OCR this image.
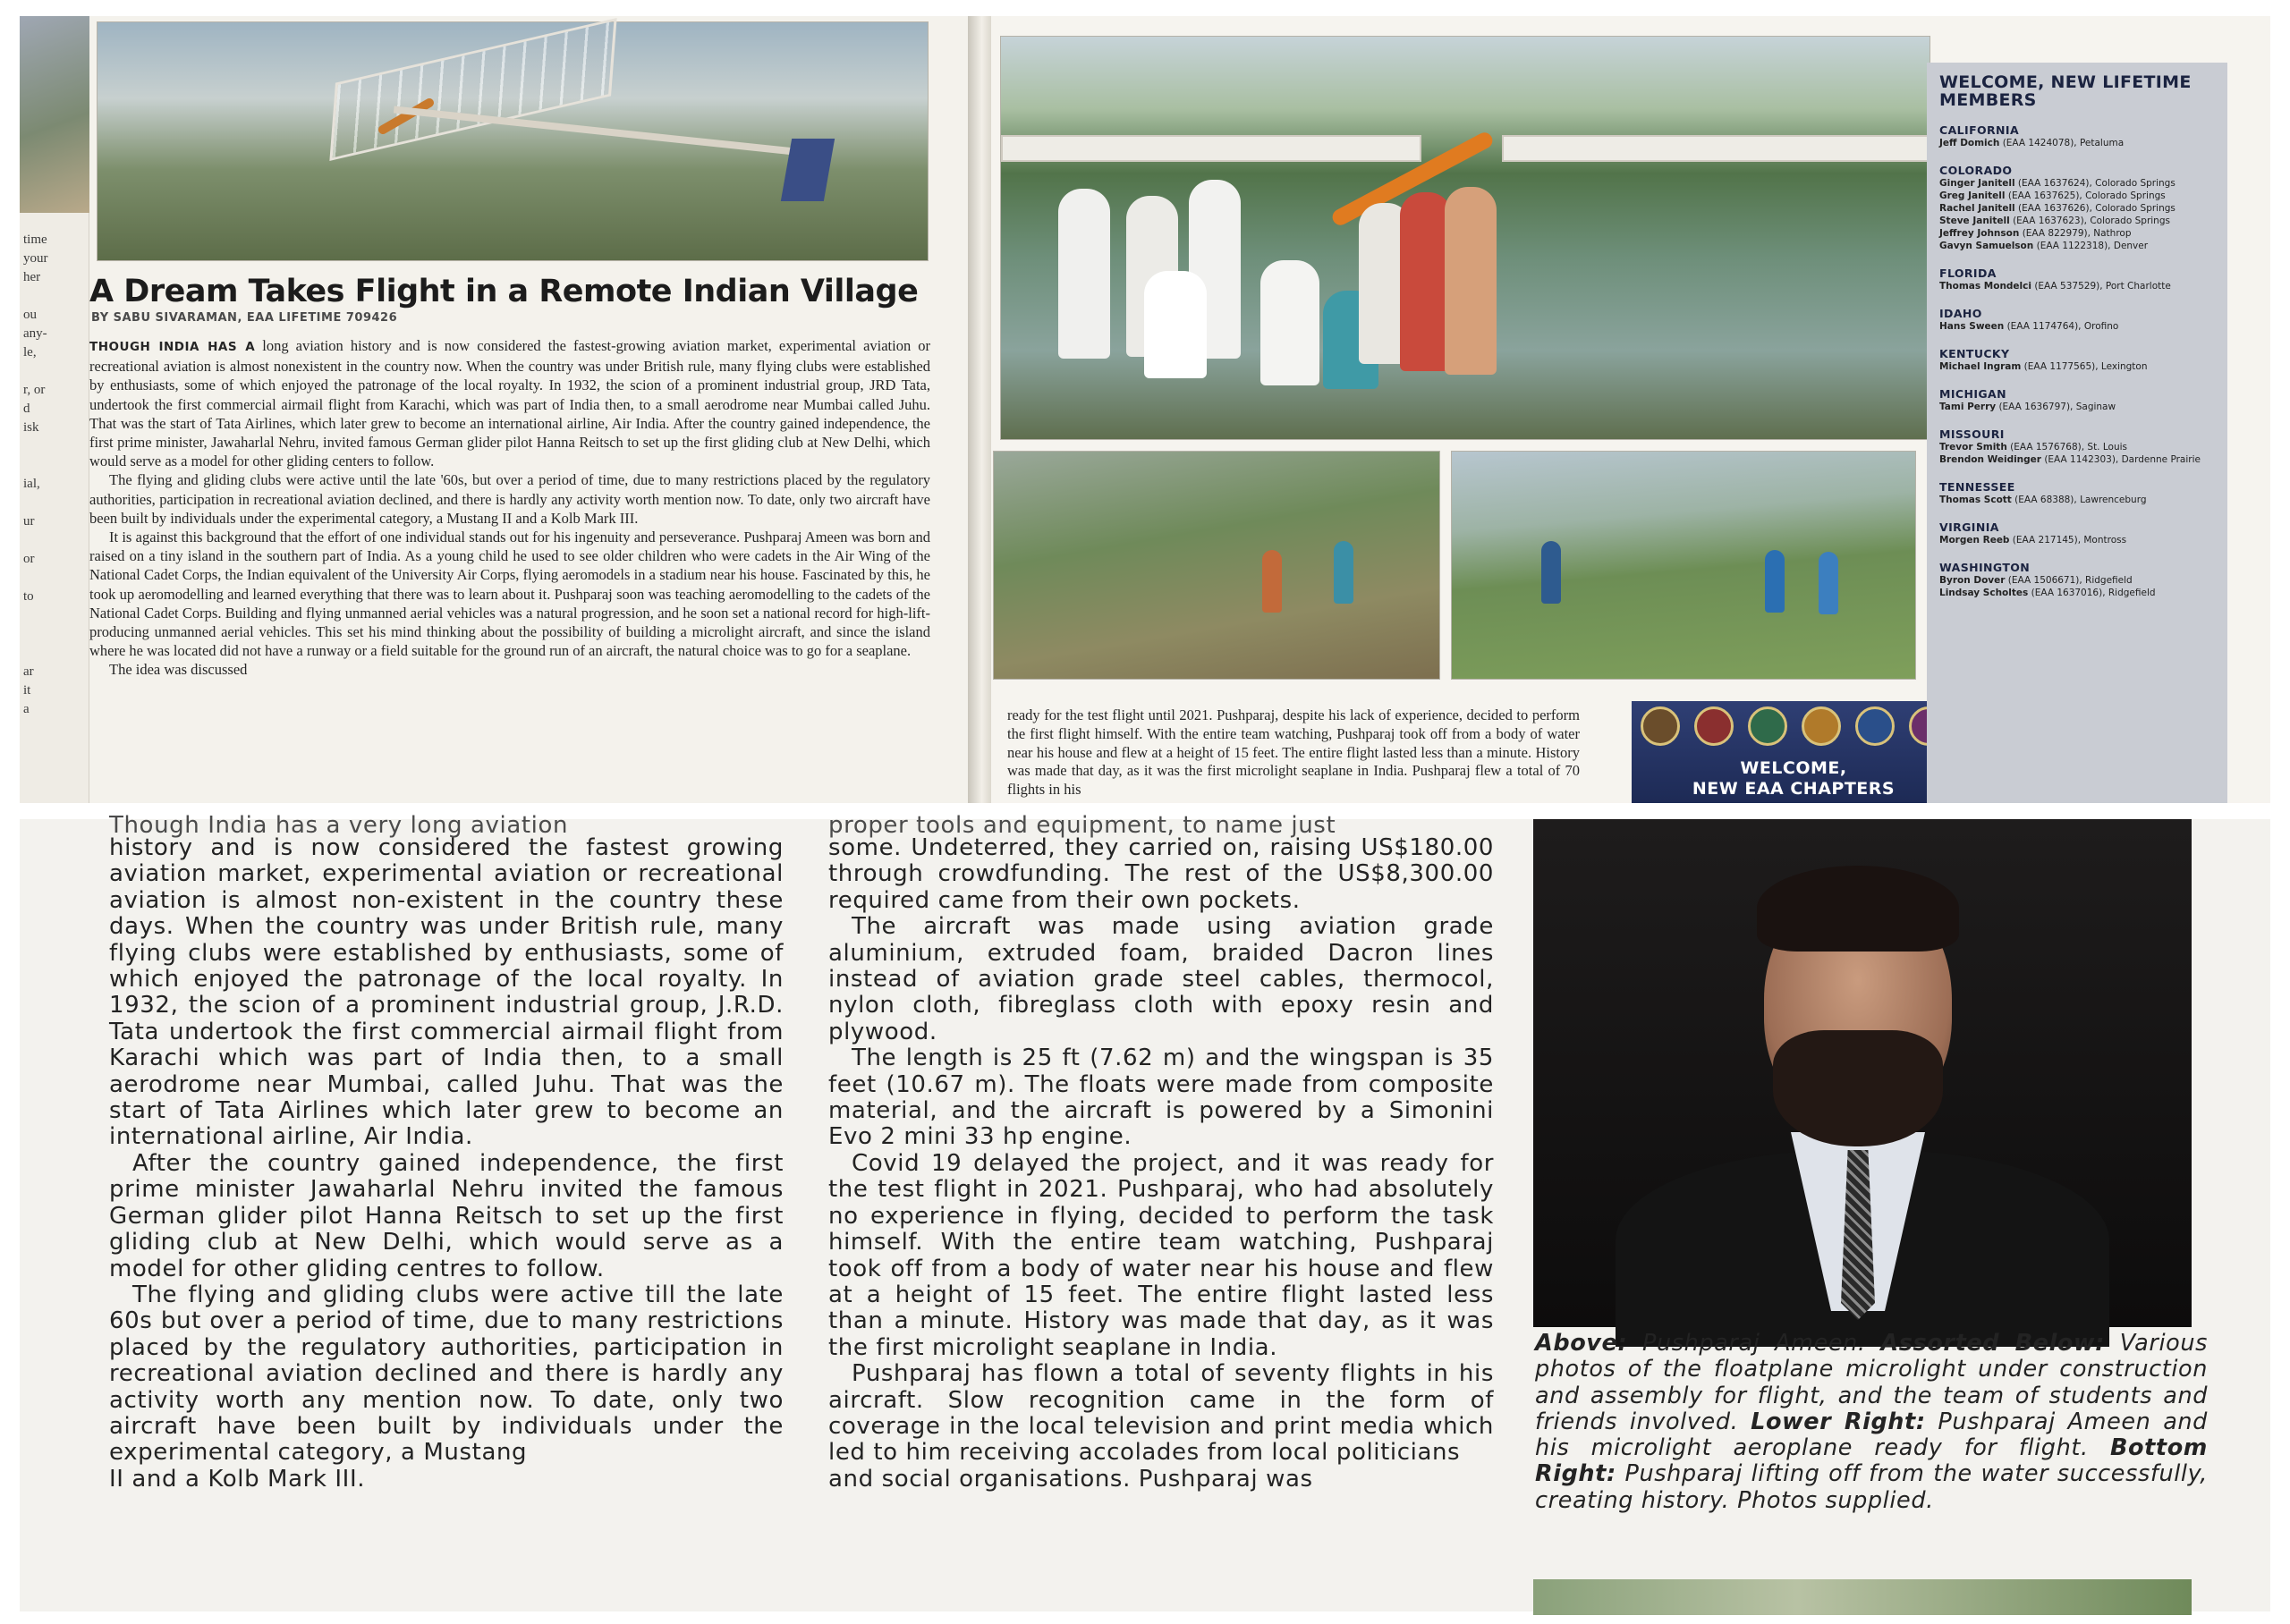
time
your
her
ou
any-
le,
r, or
d
isk
ial,
ur
or
to
ar
it
a
A Dream Takes Flight in a Remote Indian Village
BY SABU SIVARAMAN, EAA LIFETIME 709426

THOUGH INDIA HAS A long aviation history and is now considered the fastest-growing aviation market, experimental aviation or recreational aviation is almost nonexistent in the country now. When the country was under British rule, many flying clubs were established by enthusiasts, some of which enjoyed the patronage of the local royalty. In 1932, the scion of a prominent industrial group, JRD Tata, undertook the first commercial airmail flight from Karachi, which was part of India then, to a small aerodrome near Mumbai called Juhu. That was the start of Tata Airlines, which later grew to become an international airline, Air India. After the country gained independence, the first prime minister, Jawaharlal Nehru, invited famous German glider pilot Hanna Reitsch to set up the first gliding club at New Delhi, which would serve as a model for other gliding centers to follow.

The flying and gliding clubs were active until the late '60s, but over a period of time, due to many restrictions placed by the regulatory authorities, participation in recreational aviation declined, and there is hardly any activity worth mention now. To date, only two aircraft have been built by individuals under the experimental category, a Mustang II and a Kolb Mark III.

It is against this background that the effort of one individual stands out for his ingenuity and perseverance. Pushparaj Ameen was born and raised on a tiny island in the southern part of India. As a young child he used to see older children who were cadets in the Air Wing of the National Cadet Corps, the Indian equivalent of the University Air Corps, flying aeromodels in a stadium near his house. Fascinated by this, he took up aeromodelling and learned everything that there was to learn about it. Pushparaj soon was teaching aeromodelling to the cadets of the National Cadet Corps. Building and flying unmanned aerial vehicles was a natural progression, and he soon set a national record for high-lift-producing unmanned aerial vehicles. This set his mind thinking about the possibility of building a microlight aircraft, and since the island where he was located did not have a runway or a field suitable for the ground run of an aircraft, the natural choice was to go for a seaplane.

The idea was discussed

ready for the test flight until 2021. Pushparaj, despite his lack of experience, decided to perform the first flight himself. With the entire team watching, Pushparaj took off from a body of water near his house and flew at a height of 15 feet. The entire flight lasted less than a minute. History was made that day, as it was the first microlight seaplane in India. Pushparaj flew a total of 70 flights in his

WELCOME,
NEW EAA CHAPTERS
WELCOME, NEW LIFETIME MEMBERS
CALIFORNIA
Jeff Domich (EAA 1424078), Petaluma
COLORADO
Ginger Janitell (EAA 1637624), Colorado Springs
Greg Janitell (EAA 1637625), Colorado Springs
Rachel Janitell (EAA 1637626), Colorado Springs
Steve Janitell (EAA 1637623), Colorado Springs
Jeffrey Johnson (EAA 822979), Nathrop
Gavyn Samuelson (EAA 1122318), Denver
FLORIDA
Thomas Mondelci (EAA 537529), Port Charlotte
IDAHO
Hans Sween (EAA 1174764), Orofino
KENTUCKY
Michael Ingram (EAA 1177565), Lexington
MICHIGAN
Tami Perry (EAA 1636797), Saginaw
MISSOURI
Trevor Smith (EAA 1576768), St. Louis
Brendon Weidinger (EAA 1142303), Dardenne Prairie
TENNESSEE
Thomas Scott (EAA 68388), Lawrenceburg
VIRGINIA
Morgen Reeb (EAA 217145), Montross
WASHINGTON
Byron Dover (EAA 1506671), Ridgefield
Lindsay Scholtes (EAA 1637016), Ridgefield
Though India has a very long aviation

history and is now considered the fastest growing aviation market, experimental aviation or recreational aviation is almost non-existent in the country these days. When the country was under British rule, many flying clubs were established by enthusiasts, some of which enjoyed the patronage of the local royalty. In 1932, the scion of a prominent industrial group, J.R.D. Tata undertook the first commercial airmail flight from Karachi which was part of India then, to a small aerodrome near Mumbai, called Juhu. That was the start of Tata Airlines which later grew to become an international airline, Air India.

After the country gained independence, the first prime minister Jawaharlal Nehru invited the famous German glider pilot Hanna Reitsch to set up the first gliding club at New Delhi, which would serve as a model for other gliding centres to follow.

The flying and gliding clubs were active till the late 60s but over a period of time, due to many restrictions placed by the regulatory authorities, participation in recreational aviation declined and there is hardly any activity worth any mention now. To date, only two aircraft have been built by individuals under the experimental category, a Mustang

II and a Kolb Mark III.
proper tools and equipment, to name just

some. Undeterred, they carried on, raising US$180.00 through crowdfunding. The rest of the US$8,300.00 required came from their own pockets.

The aircraft was made using aviation grade aluminium, extruded foam, braided Dacron lines instead of aviation grade steel cables, thermocol, nylon cloth, fibreglass cloth with epoxy resin and plywood.

The length is 25 ft (7.62 m) and the wingspan is 35 feet (10.67 m). The floats were made from composite material, and the aircraft is powered by a Simonini Evo 2 mini 33 hp engine.

Covid 19 delayed the project, and it was ready for the test flight in 2021. Pushparaj, who had absolutely no experience in flying, decided to perform the task himself. With the entire team watching, Pushparaj took off from a body of water near his house and flew at a height of 15 feet. The entire flight lasted less than a minute. History was made that day, as it was the first microlight seaplane in India.

Pushparaj has flown a total of seventy flights in his aircraft. Slow recognition came in the form of coverage in the local television and print media which led to him receiving accolades from local politicians

and social organisations. Pushparaj was
Above: Pushparaj Ameen. Assorted Below: Various photos of the floatplane microlight under construction and assembly for flight, and the team of students and friends involved. Lower Right: Pushparaj Ameen and his microlight aeroplane ready for flight. Bottom Right: Pushparaj lifting off from the water successfully, creating history. Photos supplied.
